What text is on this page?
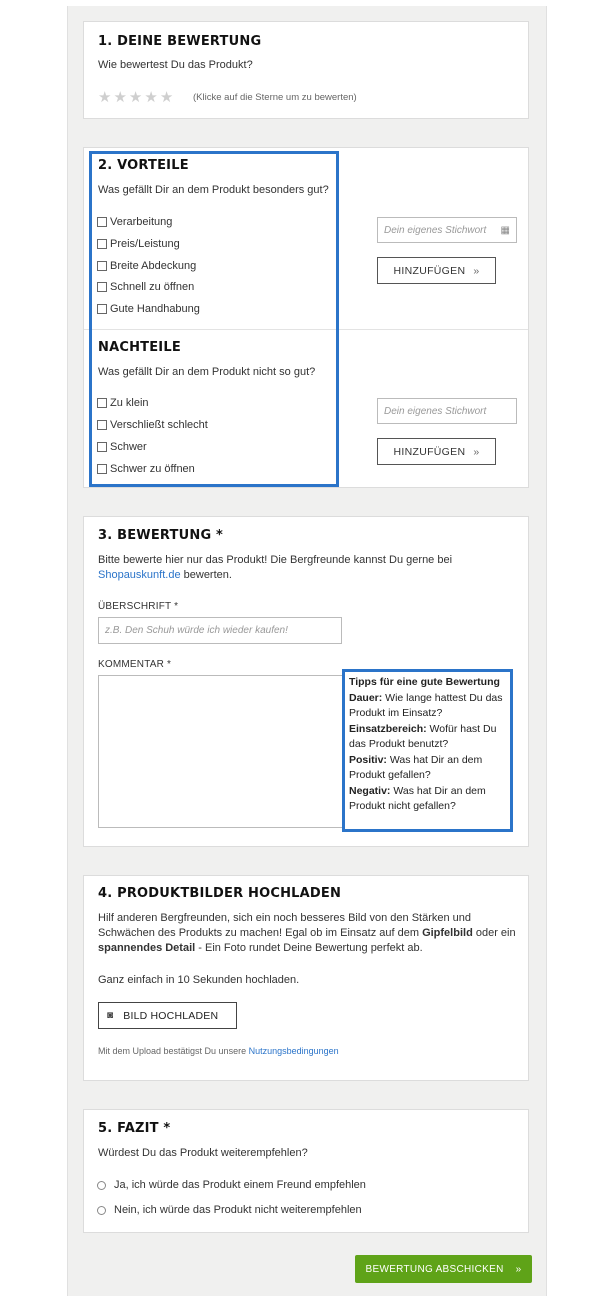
1. DEINE BEWERTUNG
Wie bewertest Du das Produkt?
★ ★ ★ ★ ★ (Klicke auf die Sterne um zu bewerten)
2. VORTEILE
Was gefällt Dir an dem Produkt besonders gut?
Verarbeitung
Preis/Leistung
Breite Abdeckung
Schnell zu öffnen
Gute Handhabung
Dein eigenes Stichwort ▦
HINZUFÜGEN »
NACHTEILE
Was gefällt Dir an dem Produkt nicht so gut?
Zu klein
Verschließt schlecht
Schwer
Schwer zu öffnen
Dein eigenes Stichwort
HINZUFÜGEN »
3. BEWERTUNG *
Bitte bewerte hier nur das Produkt! Die Bergfreunde kannst Du gerne bei
Shopauskunft.de bewerten.
ÜBERSCHRIFT *
z.B. Den Schuh würde ich wieder kaufen!
KOMMENTAR *
Tipps für eine gute Bewertung
Dauer: Wie lange hattest Du das Produkt im Einsatz?
Einsatzbereich: Wofür hast Du das Produkt benutzt?
Positiv: Was hat Dir an dem Produkt gefallen?
Negativ: Was hat Dir an dem Produkt nicht gefallen?
4. PRODUKTBILDER HOCHLADEN
Hilf anderen Bergfreunden, sich ein noch besseres Bild von den Stärken und Schwächen des Produkts zu machen! Egal ob im Einsatz auf dem Gipfelbild oder ein spannendes Detail - Ein Foto rundet Deine Bewertung perfekt ab.
Ganz einfach in 10 Sekunden hochladen.
◙ BILD HOCHLADEN
Mit dem Upload bestätigst Du unsere Nutzungsbedingungen
5. FAZIT *
Würdest Du das Produkt weiterempfehlen?
Ja, ich würde das Produkt einem Freund empfehlen
Nein, ich würde das Produkt nicht weiterempfehlen
BEWERTUNG ABSCHICKEN »
